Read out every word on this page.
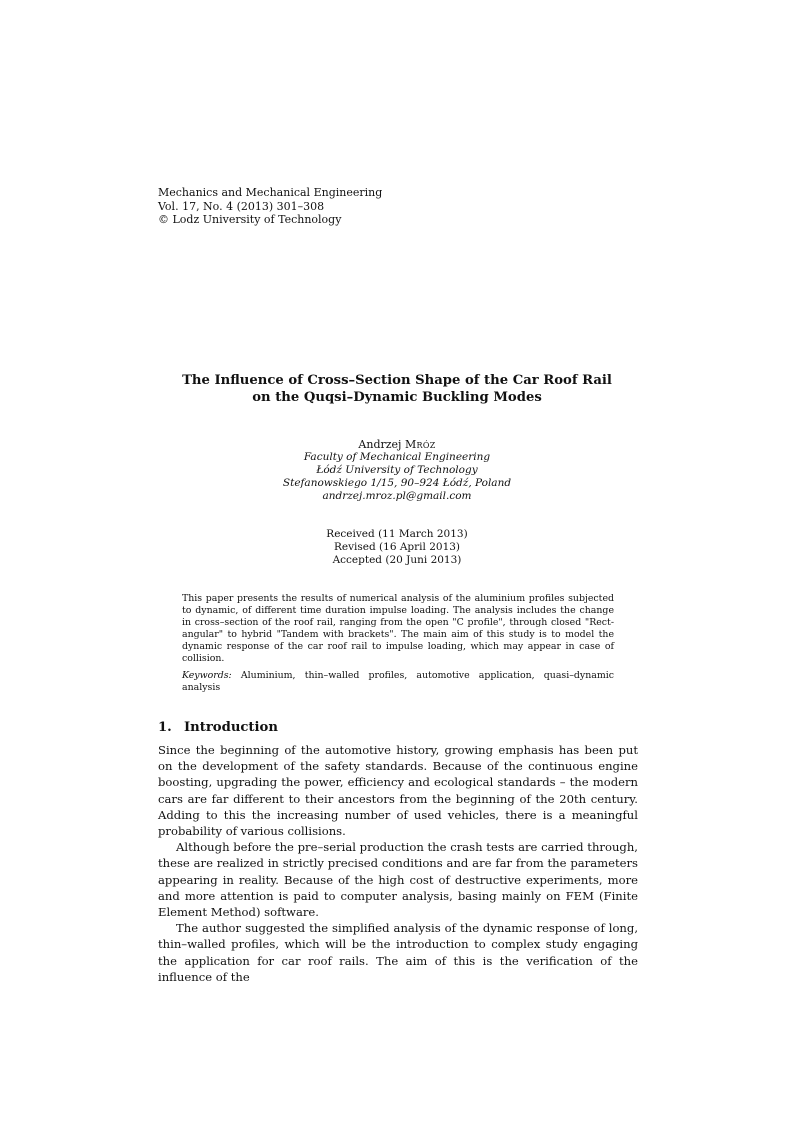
Mechanics and Mechanical Engineering
Vol. 17, No. 4 (2013) 301–308
© Lodz University of Technology
The Influence of Cross–Section Shape of the Car Roof Rail
on the Quqsi–Dynamic Buckling Modes
Andrzej Mróz
Faculty of Mechanical Engineering
Łódź University of Technology
Stefanowskiego 1/15, 90–924 Łódź, Poland
andrzej.mroz.pl@gmail.com
Received (11 March 2013)
Revised (16 April 2013)
Accepted (20 Juni 2013)

This paper presents the results of numerical analysis of the aluminium profiles subjected to dynamic, of different time duration impulse loading. The analysis includes the change in cross–section of the roof rail, ranging from the open "C profile", through closed "Rect- angular" to hybrid "Tandem with brackets". The main aim of this study is to model the dynamic response of the car roof rail to impulse loading, which may appear in case of collision.

Keywords: Aluminium, thin–walled profiles, automotive application, quasi–dynamic analysis

1. Introduction

Since the beginning of the automotive history, growing emphasis has been put on the development of the safety standards. Because of the continuous engine boosting, upgrading the power, efficiency and ecological standards – the modern cars are far different to their ancestors from the beginning of the 20th century. Adding to this the increasing number of used vehicles, there is a meaningful probability of various collisions.

Although before the pre–serial production the crash tests are carried through, these are realized in strictly precised conditions and are far from the parameters appearing in reality. Because of the high cost of destructive experiments, more and more attention is paid to computer analysis, basing mainly on FEM (Finite Element Method) software.

The author suggested the simplified analysis of the dynamic response of long, thin–walled profiles, which will be the introduction to complex study engaging the application for car roof rails. The aim of this is the verification of the influence of the
